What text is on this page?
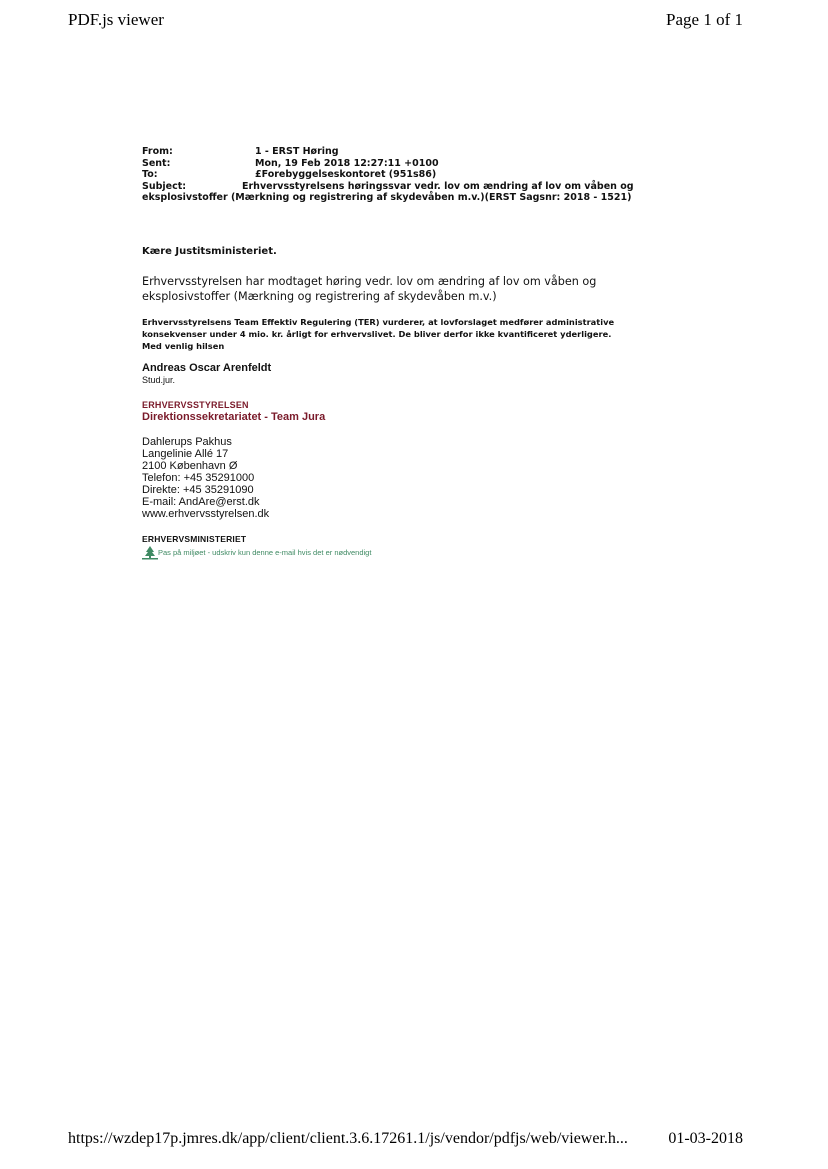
PDF.js viewer	Page 1 of 1
From:	1 - ERST Høring
Sent:	Mon, 19 Feb 2018 12:27:11 +0100
To:	£Forebyggelseskontoret (951s86)
Subject:	Erhvervsstyrelsens høringssvar vedr. lov om ændring af lov om våben og
eksplosivstoffer (Mærkning og registrering af skydevåben m.v.)(ERST Sagsnr: 2018 - 1521)
Kære Justitsministeriet.
Erhvervsstyrelsen har modtaget høring vedr. lov om ændring af lov om våben og
eksplosivstoffer (Mærkning og registrering af skydevåben m.v.)
Erhvervsstyrelsens Team Effektiv Regulering (TER) vurderer, at lovforslaget medfører administrative
konsekvenser under 4 mio. kr. årligt for erhvervslivet. De bliver derfor ikke kvantificeret yderligere.
Med venlig hilsen
Andreas Oscar Arenfeldt
Stud.jur.
ERHVERVSSTYRELSEN
Direktionssekretariatet - Team Jura
Dahlerups Pakhus
Langelinie Allé 17
2100 København Ø
Telefon: +45 35291000
Direkte: +45 35291090
E-mail: AndAre@erst.dk
www.erhvervsstyrelsen.dk
ERHVERVSMINISTERIET
Pas på miljøet - udskriv kun denne e-mail hvis det er nødvendigt
https://wzdep17p.jmres.dk/app/client/client.3.6.17261.1/js/vendor/pdfjs/web/viewer.h...	01-03-2018
